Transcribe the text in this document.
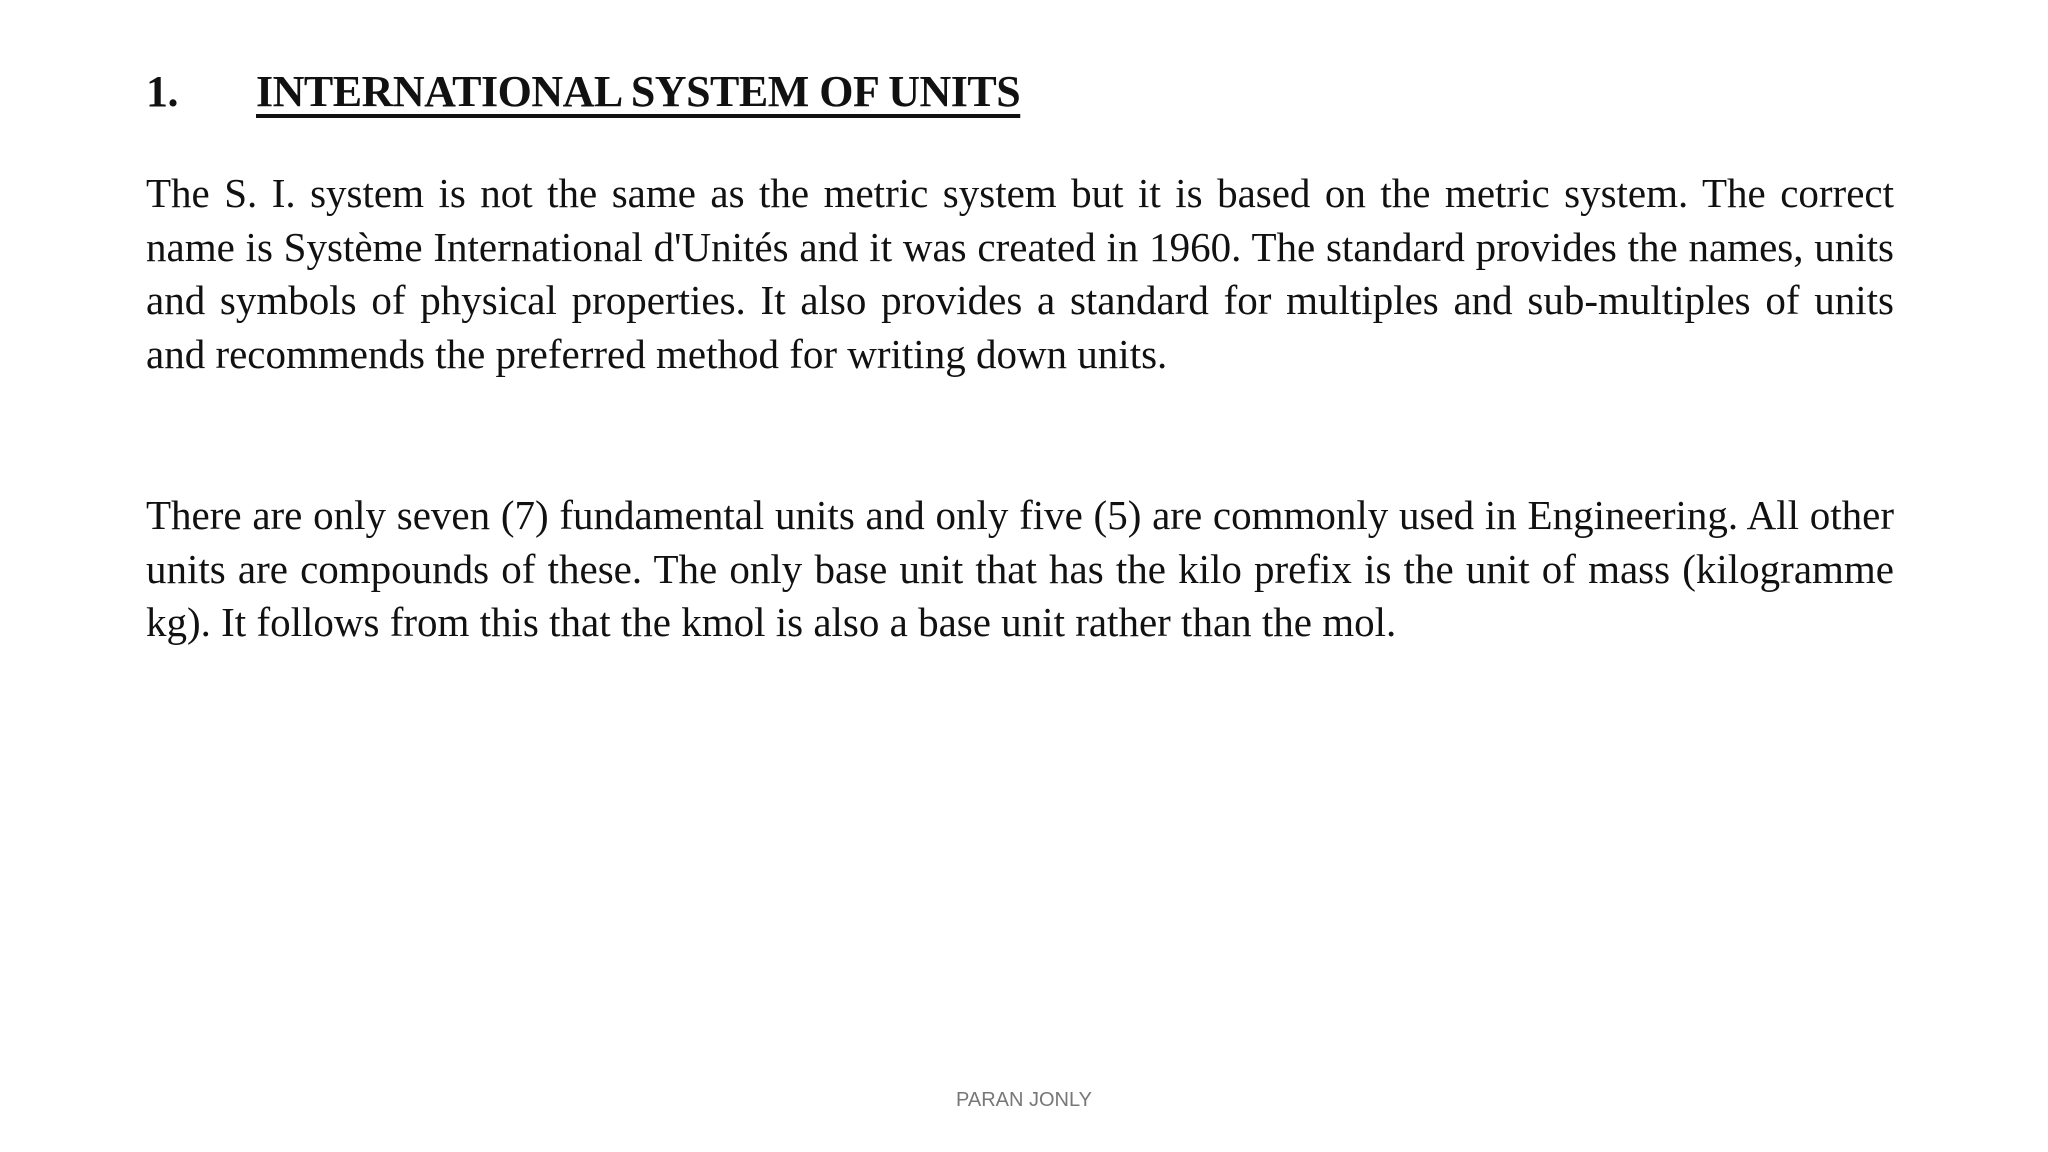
1.	INTERNATIONAL SYSTEM OF UNITS

The S. I. system is not the same as the metric system but it is based on the metric system. The correct name is Système International d'Unités and it was created in 1960. The standard provides the names, units and symbols of physical properties. It also provides a standard for multiples and sub-multiples of units and recommends the preferred method for writing down units.

There are only seven (7) fundamental units and only five (5) are commonly used in Engineering. All other units are compounds of these. The only base unit that has the kilo prefix is the unit of mass (kilogramme kg). It follows from this that the kmol is also a base unit rather than the mol.

PARAN JONLY
